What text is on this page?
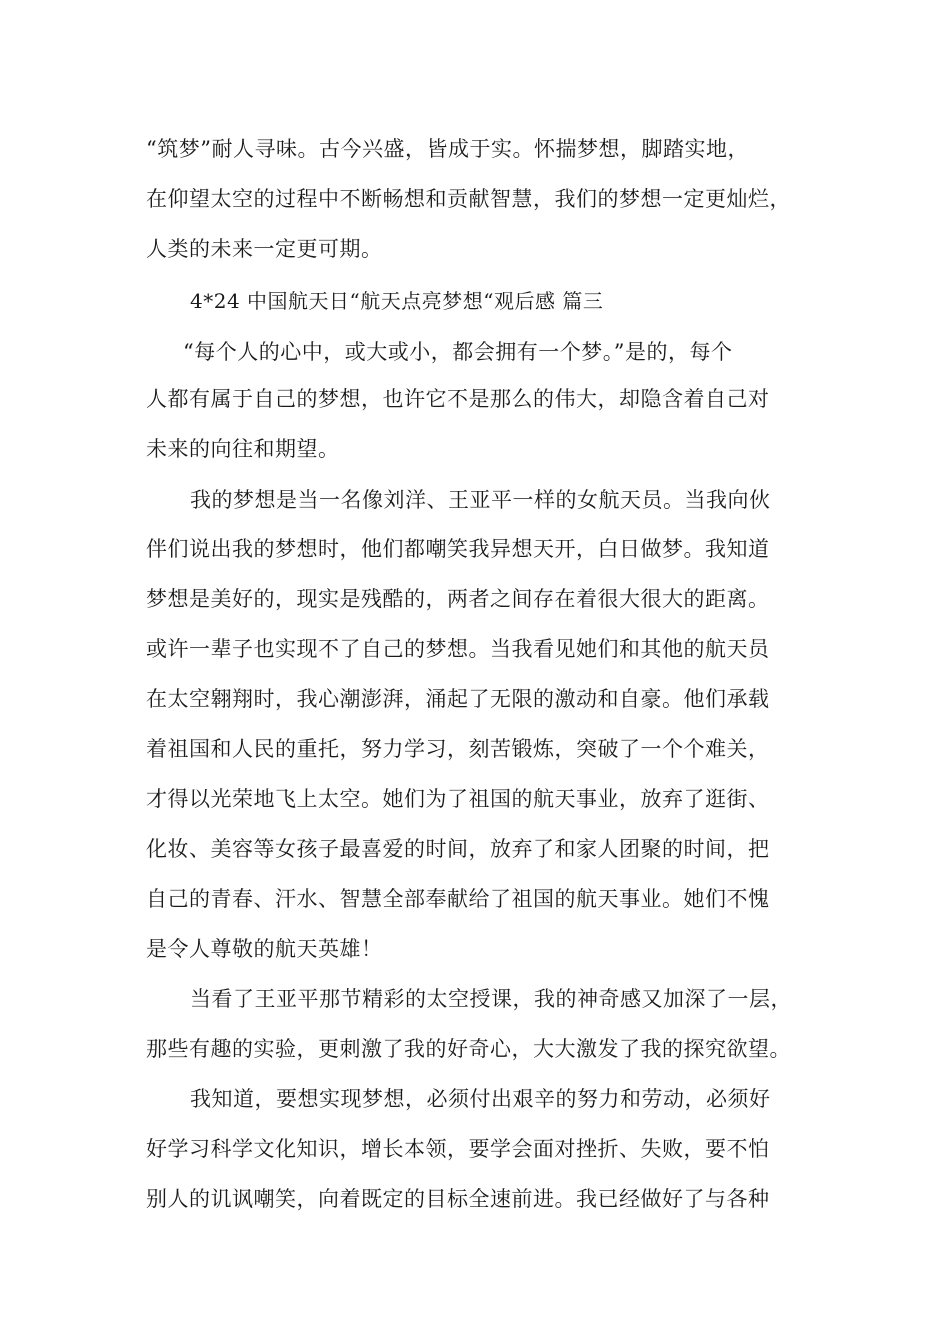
“筑梦”耐人寻味。古今兴盛，皆成于实。怀揣梦想，脚踏实地，
在仰望太空的过程中不断畅想和贡献智慧，我们的梦想一定更灿烂，
人类的未来一定更可期。
4*24 中国航天日“航天点亮梦想“观后感 篇三
“每个人的心中，或大或小，都会拥有一个梦。”是的，每个
人都有属于自己的梦想，也许它不是那么的伟大，却隐含着自己对
未来的向往和期望。
我的梦想是当一名像刘洋、王亚平一样的女航天员。当我向伙
伴们说出我的梦想时，他们都嘲笑我异想天开，白日做梦。我知道
梦想是美好的，现实是残酷的，两者之间存在着很大很大的距离。
或许一辈子也实现不了自己的梦想。当我看见她们和其他的航天员
在太空翱翔时，我心潮澎湃，涌起了无限的激动和自豪。他们承载
着祖国和人民的重托，努力学习，刻苦锻炼，突破了一个个难关，
才得以光荣地飞上太空。她们为了祖国的航天事业，放弃了逛街、
化妆、美容等女孩子最喜爱的时间，放弃了和家人团聚的时间，把
自己的青春、汗水、智慧全部奉献给了祖国的航天事业。她们不愧
是令人尊敬的航天英雄！
当看了王亚平那节精彩的太空授课，我的神奇感又加深了一层，
那些有趣的实验，更刺激了我的好奇心，大大激发了我的探究欲望。
我知道，要想实现梦想，必须付出艰辛的努力和劳动，必须好
好学习科学文化知识，增长本领，要学会面对挫折、失败，要不怕
别人的讥讽嘲笑，向着既定的目标全速前进。我已经做好了与各种
